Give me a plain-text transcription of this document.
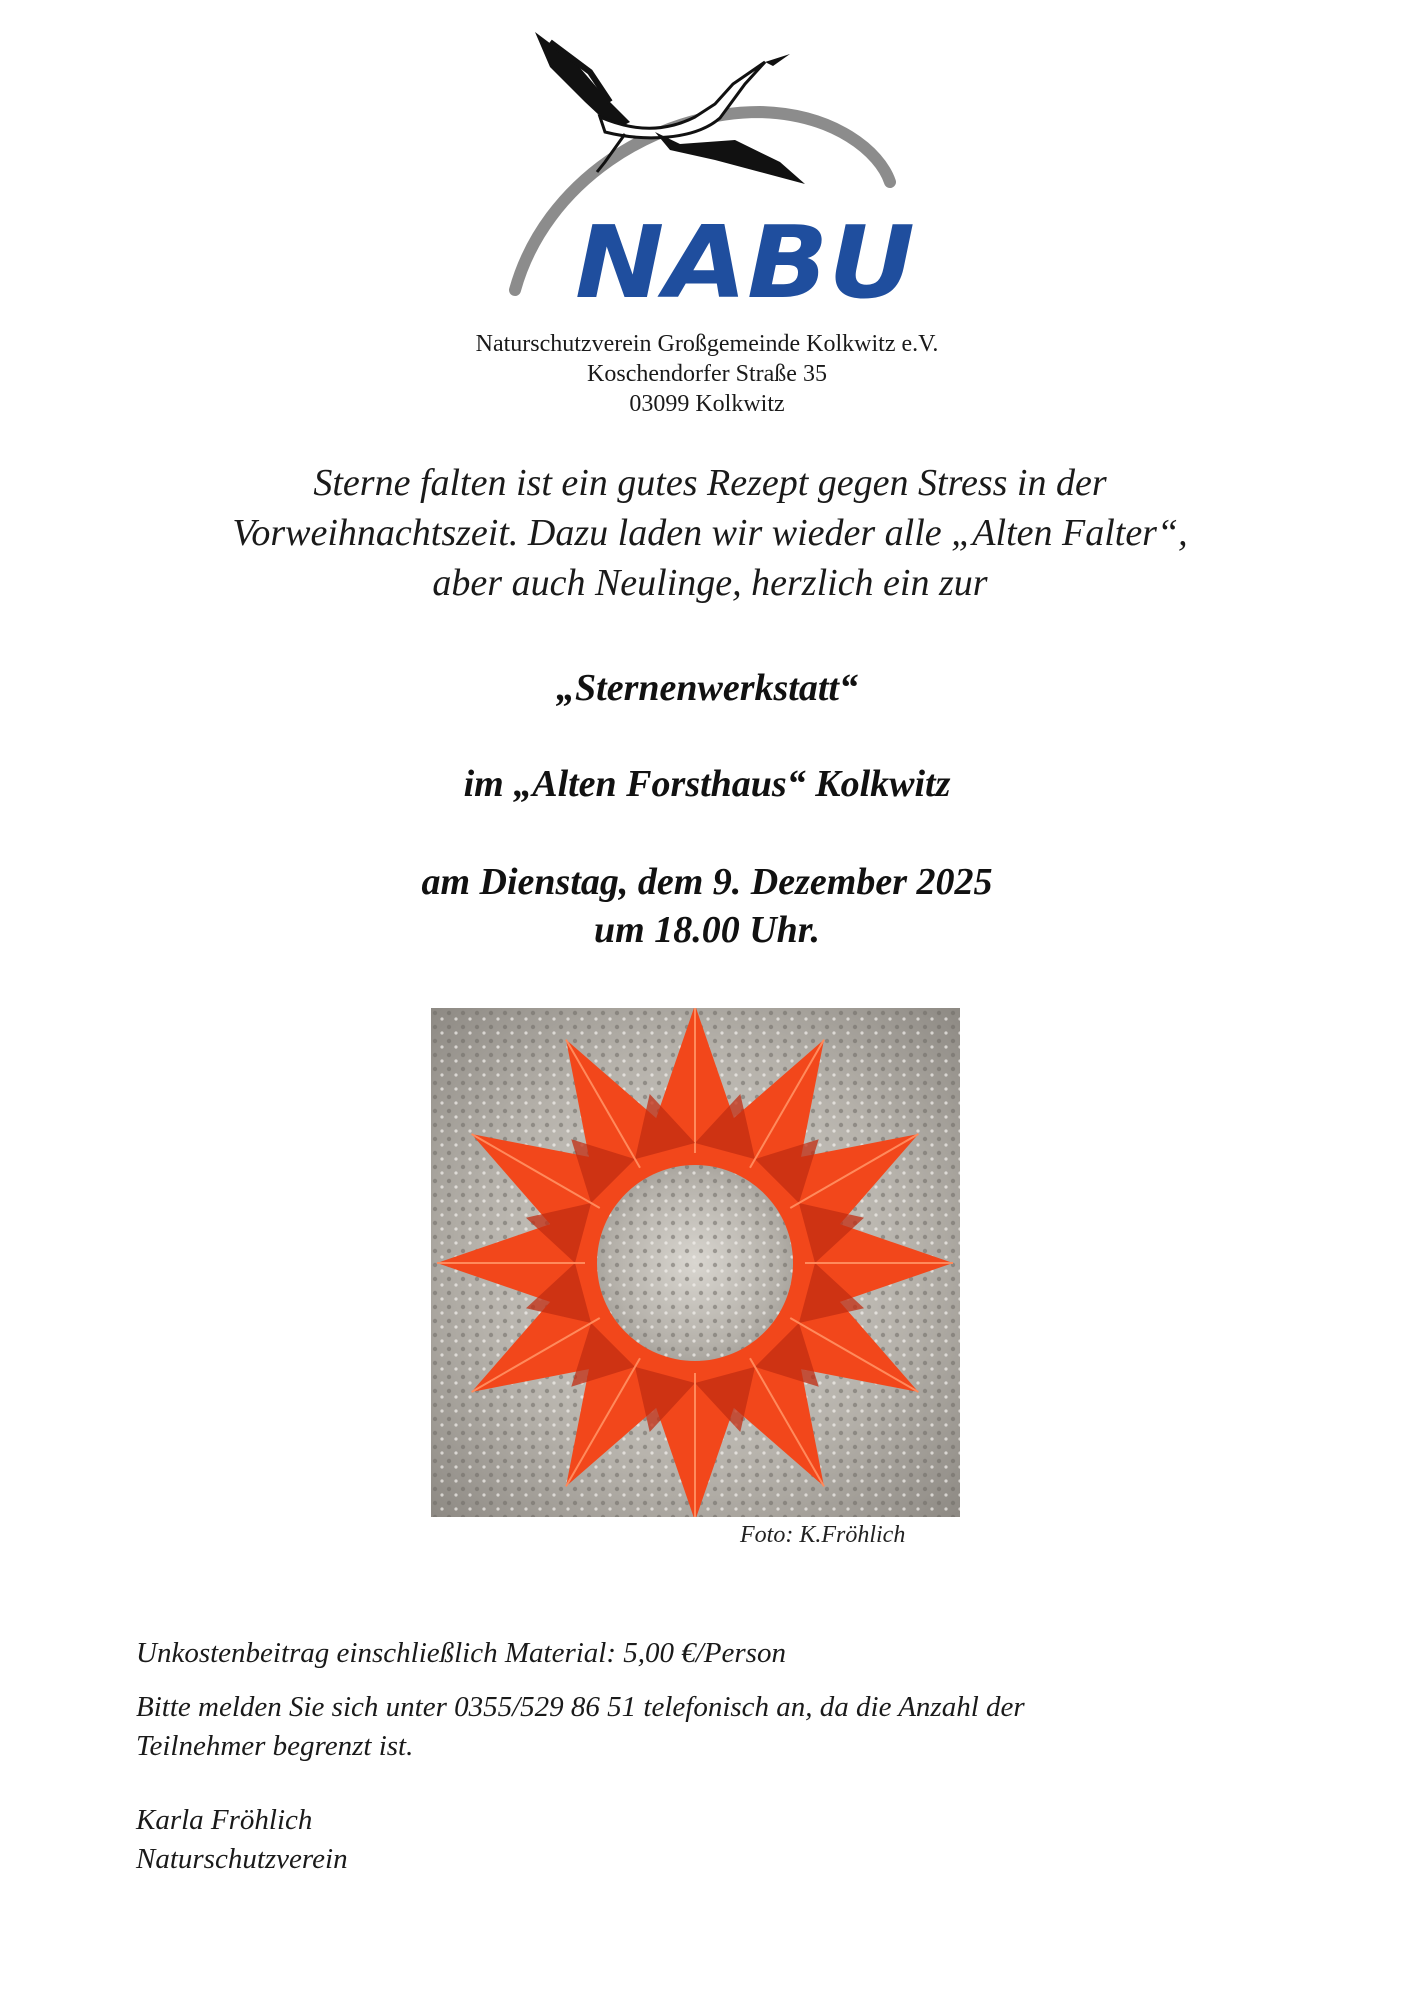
NABU
Naturschutzverein Großgemeinde Kolkwitz e.V.
Koschendorfer Straße 35
03099 Kolkwitz
Sterne falten ist ein gutes Rezept gegen Stress in der
Vorweihnachtszeit. Dazu laden wir wieder alle „Alten Falter“,
aber auch Neulinge, herzlich ein zur
„Sternenwerkstatt“
im „Alten Forsthaus“ Kolkwitz
am Dienstag, dem 9. Dezember 2025
um 18.00 Uhr.
Foto: K.Fröhlich
Unkostenbeitrag einschließlich Material: 5,00 €/Person
Bitte melden Sie sich unter 0355/529 86 51 telefonisch an, da die Anzahl der
Teilnehmer begrenzt ist.
Karla Fröhlich
Naturschutzverein
